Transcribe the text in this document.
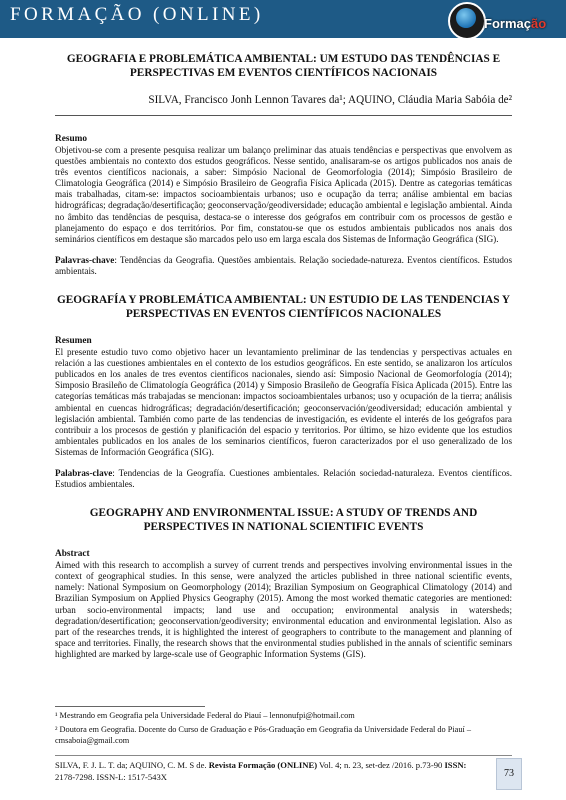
FORMAÇÃO (ONLINE)	Formação
GEOGRAFIA E PROBLEMÁTICA AMBIENTAL: UM ESTUDO DAS TENDÊNCIAS E PERSPECTIVAS EM EVENTOS CIENTÍFICOS NACIONAIS
SILVA, Francisco Jonh Lennon Tavares da¹; AQUINO, Cláudia Maria Sabóia de²
Resumo

Objetivou-se com a presente pesquisa realizar um balanço preliminar das atuais tendências e perspectivas que envolvem as questões ambientais no contexto dos estudos geográficos. Nesse sentido, analisaram-se os artigos publicados nos anais de três eventos científicos nacionais, a saber: Simpósio Nacional de Geomorfologia (2014); Simpósio Brasileiro de Climatologia Geográfica (2014) e Simpósio Brasileiro de Geografia Física Aplicada (2015). Dentre as categorias temáticas mais trabalhadas, citam-se: impactos socioambientais urbanos; uso e ocupação da terra; análise ambiental em bacias hidrográficas; degradação/desertificação; geoconservação/geodiversidade; educação ambiental e legislação ambiental. Ainda no âmbito das tendências de pesquisa, destaca-se o interesse dos geógrafos em contribuir com os processos de gestão e planejamento do espaço e dos territórios. Por fim, constatou-se que os estudos ambientais publicados nos anais dos seminários científicos em destaque são marcados pelo uso em larga escala dos Sistemas de Informação Geográfica (SIG).

Palavras-chave: Tendências da Geografia. Questões ambientais. Relação sociedade-natureza. Eventos científicos. Estudos ambientais.
GEOGRAFÍA Y PROBLEMÁTICA AMBIENTAL: UN ESTUDIO DE LAS TENDENCIAS Y PERSPECTIVAS EN EVENTOS CIENTÍFICOS NACIONALES
Resumen

El presente estudio tuvo como objetivo hacer un levantamiento preliminar de las tendencias y perspectivas actuales en relación a las cuestiones ambientales en el contexto de los estudios geográficos. En este sentido, se analizaron los artículos publicados en los anales de tres eventos científicos nacionales, siendo así: Simposio Nacional de Geomorfología (2014); Simposio Brasileño de Climatología Geográfica (2014) y Simposio Brasileño de Geografía Física Aplicada (2015). Entre las categorías temáticas más trabajadas se mencionan: impactos socioambientales urbanos; uso y ocupación de la tierra; análisis ambiental en cuencas hidrográficas; degradación/desertificación; geoconservación/geodiversidad; educación ambiental y legislación ambiental. También como parte de las tendencias de investigación, es evidente el interés de los geógrafos para contribuir a los procesos de gestión y planificación del espacio y territorios. Por último, se hizo evidente que los estudios ambientales publicados en los anales de los seminarios científicos, fueron caracterizados por el uso generalizado de los Sistemas de Información Geográfica (SIG).

Palabras-clave: Tendencias de la Geografía. Cuestiones ambientales. Relación sociedad-naturaleza. Eventos científicos. Estudios ambientales.
GEOGRAPHY AND ENVIRONMENTAL ISSUE: A STUDY OF TRENDS AND PERSPECTIVES IN NATIONAL SCIENTIFIC EVENTS
Abstract

Aimed with this research to accomplish a survey of current trends and perspectives involving environmental issues in the context of geographical studies. In this sense, were analyzed the articles published in three national scientific events, namely: National Symposium on Geomorphology (2014); Brazilian Symposium on Geographical Climatology (2014) and Brazilian Symposium on Applied Physics Geography (2015). Among the most worked thematic categories are mentioned: urban socio-environmental impacts; land use and occupation; environmental analysis in watersheds; degradation/desertification; geoconservation/geodiversity; environmental education and environmental legislation. Also as part of the researches trends, it is highlighted the interest of geographers to contribute to the management and planning of space and territories. Finally, the research shows that the environmental studies published in the annals of scientific seminars highlighted are marked by large-scale use of Geographic Information Systems (GIS).

¹ Mestrando em Geografia pela Universidade Federal do Piauí – lennonufpi@hotmail.com
² Doutora em Geografia. Docente do Curso de Graduação e Pós-Graduação em Geografia da Universidade Federal do Piauí – cmsaboia@gmail.com
SILVA, F. J. L. T. da; AQUINO, C. M. S de. Revista Formação (ONLINE) Vol. 4; n. 23, set-dez /2016. p.73-90 ISSN: 2178-7298. ISSN-L: 1517-543X	73
